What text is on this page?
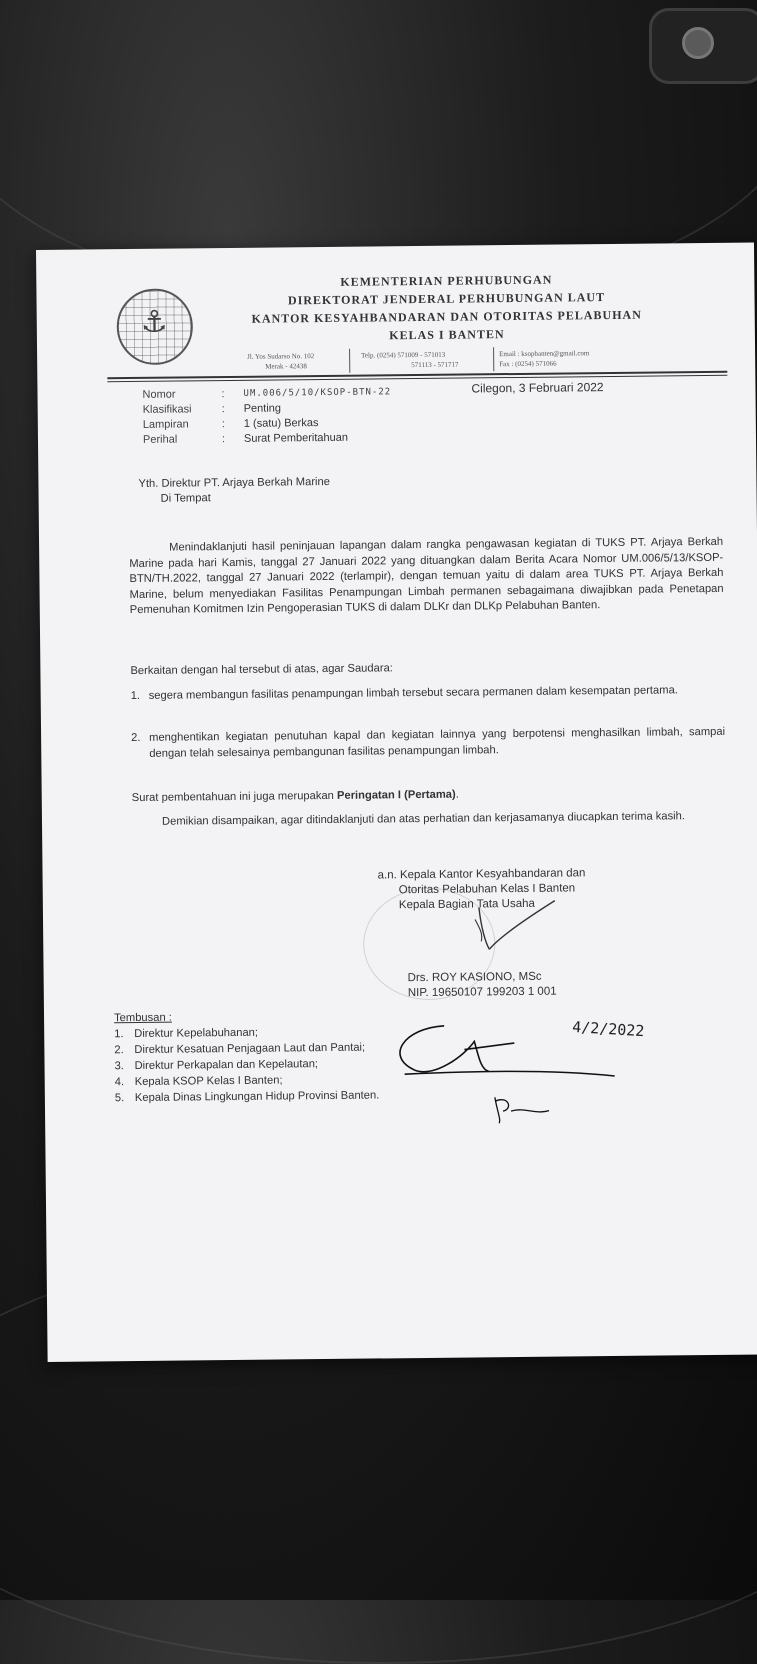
⚓
KEMENTERIAN PERHUBUNGAN
DIREKTORAT JENDERAL PERHUBUNGAN LAUT
KANTOR KESYAHBANDARAN DAN OTORITAS PELABUHAN
KELAS I BANTEN
Jl. Yos Sudarso No. 102
Merak - 42438
Telp. (0254) 571009 - 571013
571113 - 571717
Email : ksopbanten@gmail.com
Fax : (0254) 571066
Nomor	: UM.006/5/10/KSOP-BTN-22	Cilegon, 3 Februari 2022
Klasifikasi	: Penting
Lampiran	: 1 (satu) Berkas
Perihal	: Surat Pemberitahuan
Yth. Direktur PT. Arjaya Berkah Marine
Di Tempat
Menindaklanjuti hasil peninjauan lapangan dalam rangka pengawasan kegiatan di TUKS PT. Arjaya Berkah Marine pada hari Kamis, tanggal 27 Januari 2022 yang dituangkan dalam Berita Acara Nomor UM.006/5/13/KSOP-BTN/TH.2022, tanggal 27 Januari 2022 (terlampir), dengan temuan yaitu di dalam area TUKS PT. Arjaya Berkah Marine, belum menyediakan Fasilitas Penampungan Limbah permanen sebagaimana diwajibkan pada Penetapan Pemenuhan Komitmen Izin Pengoperasian TUKS di dalam DLKr dan DLKp Pelabuhan Banten.
Berkaitan dengan hal tersebut di atas, agar Saudara:
1. segera membangun fasilitas penampungan limbah tersebut secara permanen dalam kesempatan pertama.
2. menghentikan kegiatan penutuhan kapal dan kegiatan lainnya yang berpotensi menghasilkan limbah, sampai dengan telah selesainya pembangunan fasilitas penampungan limbah.
Surat pembentahuan ini juga merupakan Peringatan I (Pertama).
Demikian disampaikan, agar ditindaklanjuti dan atas perhatian dan kerjasamanya diucapkan terima kasih.
a.n. Kepala Kantor Kesyahbandaran dan
Otoritas Pelabuhan Kelas I Banten
Kepala Bagian Tata Usaha
Drs. ROY KASIONO, MSc
NIP. 19650107 199203 1 001
4/2/2022
Tembusan :
1. Direktur Kepelabuhanan;
2. Direktur Kesatuan Penjagaan Laut dan Pantai;
3. Direktur Perkapalan dan Kepelautan;
4. Kepala KSOP Kelas I Banten;
5. Kepala Dinas Lingkungan Hidup Provinsi Banten.
